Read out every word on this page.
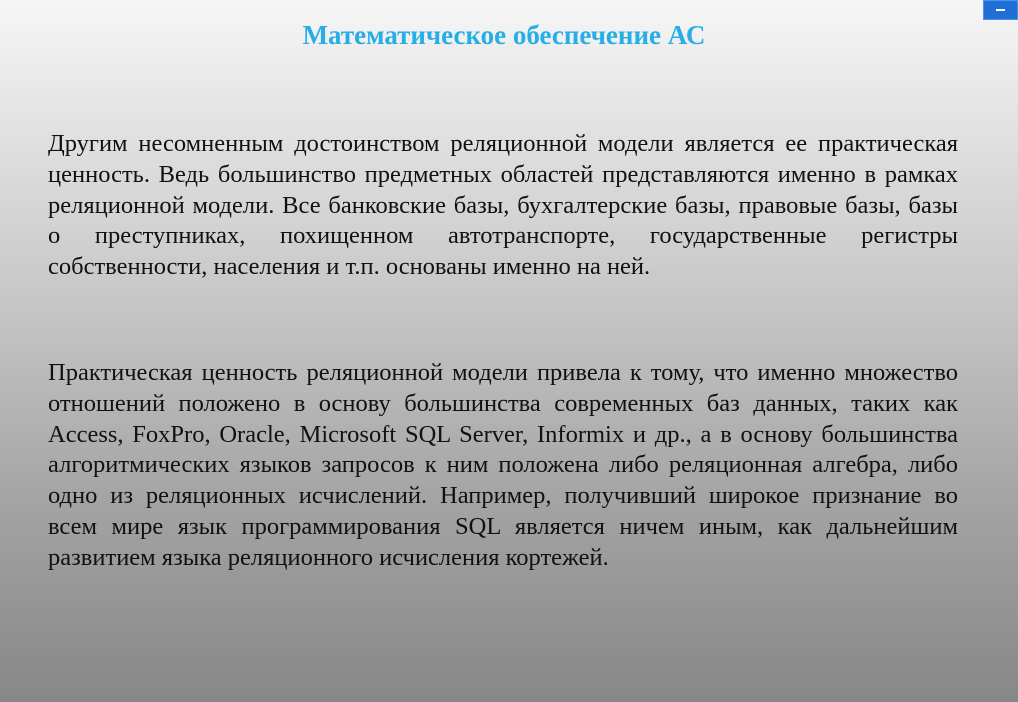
Математическое обеспечение АС

Другим несомненным достоинством реляционной модели является ее практическая ценность. Ведь большинство предметных областей представляются именно в рамках реляционной модели. Все банковские базы, бухгалтерские базы, правовые базы, базы о преступниках, похищенном автотранспорте, государственные регистры собственности, населения и т.п. основаны именно на ней.

Практическая ценность реляционной модели привела к тому, что именно множество отношений положено в основу большинства современных баз данных, таких как Access, FoxPro, Oracle, Microsoft SQL Server, Informix и др., а в основу большинства алгоритмических языков запросов к ним положена либо реляционная алгебра, либо одно из реляционных исчислений. Например, получивший широкое признание во всем мире язык программирования SQL является ничем иным, как дальнейшим развитием языка реляционного исчисления кортежей.
